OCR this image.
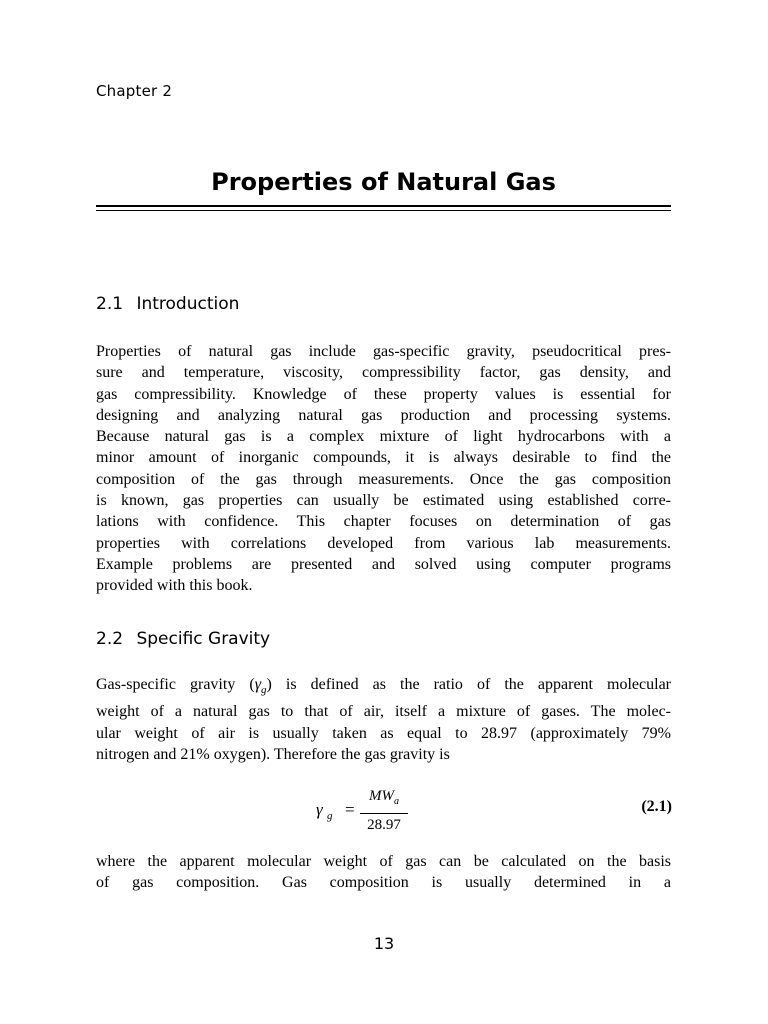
Chapter 2
Properties of Natural Gas
2.1 Introduction

Properties of natural gas include gas-specific gravity, pseudocritical pres-
sure and temperature, viscosity, compressibility factor, gas density, and
gas compressibility. Knowledge of these property values is essential for
designing and analyzing natural gas production and processing systems.
Because natural gas is a complex mixture of light hydrocarbons with a
minor amount of inorganic compounds, it is always desirable to find the
composition of the gas through measurements. Once the gas composition
is known, gas properties can usually be estimated using established corre-
lations with confidence. This chapter focuses on determination of gas
properties with correlations developed from various lab measurements.
Example problems are presented and solved using computer programs
provided with this book.

2.2 Specific Gravity

Gas-specific gravity $(\gamma_g)$ is defined as the ratio of the apparent molecular
weight of a natural gas to that of air, itself a mixture of gases. The molec-
ular weight of air is usually taken as equal to 28.97 (approximately 79%
nitrogen and 21% oxygen). Therefore the gas gravity is

γ $_g$ =
$MW_a$
28.97
(2.1)

where the apparent molecular weight of gas can be calculated on the basis
of gas composition. Gas composition is usually determined in a

13
